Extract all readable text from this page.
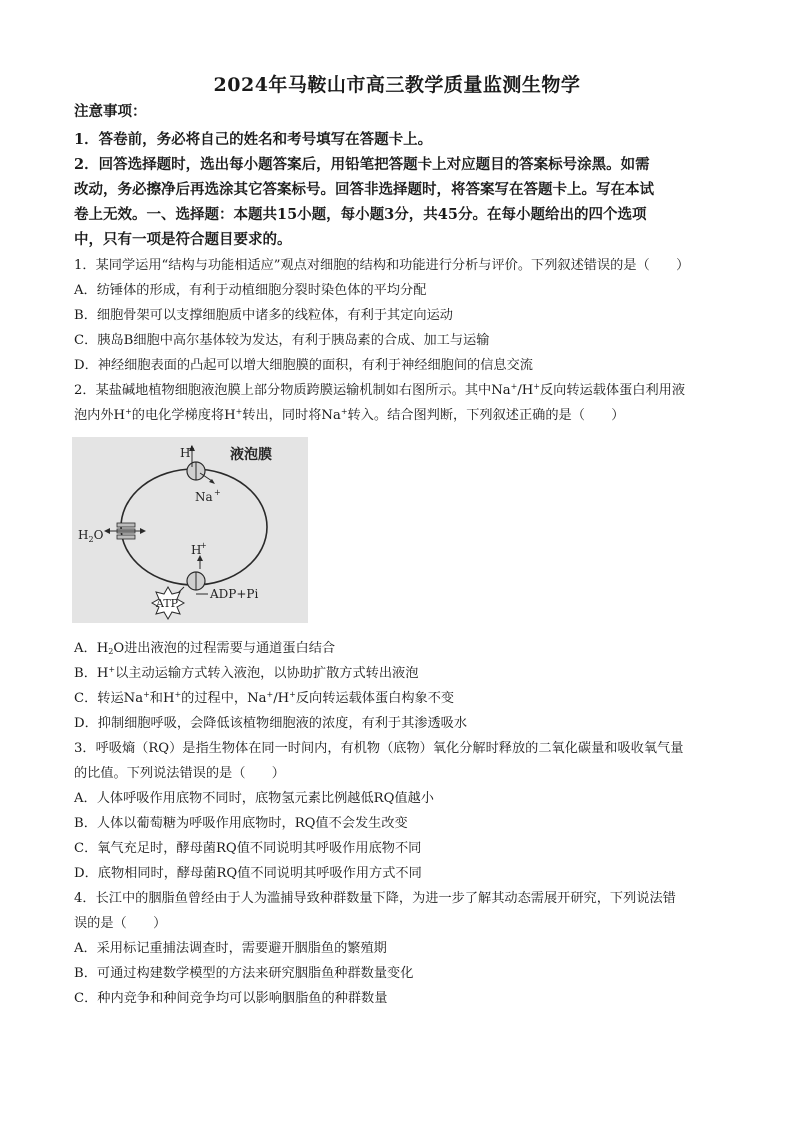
2024年马鞍山市高三教学质量监测生物学
注意事项：
1．答卷前，务必将自己的姓名和考号填写在答题卡上。
2．回答选择题时，选出每小题答案后，用铅笔把答题卡上对应题目的答案标号涂黑。如需
改动，务必擦净后再选涂其它答案标号。回答非选择题时，将答案写在答题卡上。写在本试
卷上无效。一、选择题：本题共15小题，每小题3分，共45分。在每小题给出的四个选项
中，只有一项是符合题目要求的。
1．某同学运用“结构与功能相适应”观点对细胞的结构和功能进行分析与评价。下列叙述错误的是（　　）
A．纺锤体的形成，有利于动植细胞分裂时染色体的平均分配
B．细胞骨架可以支撑细胞质中诸多的线粒体，有利于其定向运动
C．胰岛B细胞中高尔基体较为发达，有利于胰岛素的合成、加工与运输
D．神经细胞表面的凸起可以增大细胞膜的面积，有利于神经细胞间的信息交流
2．某盐碱地植物细胞液泡膜上部分物质跨膜运输机制如右图所示。其中Na+/H+反向转运载体蛋白利用液
泡内外H+的电化学梯度将H+转出，同时将Na+转入。结合图判断，下列叙述正确的是（　　）
H
+	液泡膜
Na +
$H_2O$
H
+
ATP
ADP+Pi
A．$H_2O$进出液泡的过程需要与通道蛋白结合
B．H+以主动运输方式转入液泡，以协助扩散方式转出液泡
C．转运Na+和H+的过程中，Na+/H+反向转运载体蛋白构象不变
D．抑制细胞呼吸，会降低该植物细胞液的浓度，有利于其渗透吸水
3．呼吸熵（RQ）是指生物体在同一时间内，有机物（底物）氧化分解时释放的二氧化碳量和吸收氧气量
的比值。下列说法错误的是（　　）
A．人体呼吸作用底物不同时，底物氢元素比例越低RQ值越小
B．人体以葡萄糖为呼吸作用底物时，RQ值不会发生改变
C．氧气充足时，酵母菌RQ值不同说明其呼吸作用底物不同
D．底物相同时，酵母菌RQ值不同说明其呼吸作用方式不同
4．长江中的胭脂鱼曾经由于人为滥捕导致种群数量下降，为进一步了解其动态需展开研究，下列说法错
误的是（　　）
A．采用标记重捕法调查时，需要避开胭脂鱼的繁殖期
B．可通过构建数学模型的方法来研究胭脂鱼种群数量变化
C．种内竞争和种间竞争均可以影响胭脂鱼的种群数量
